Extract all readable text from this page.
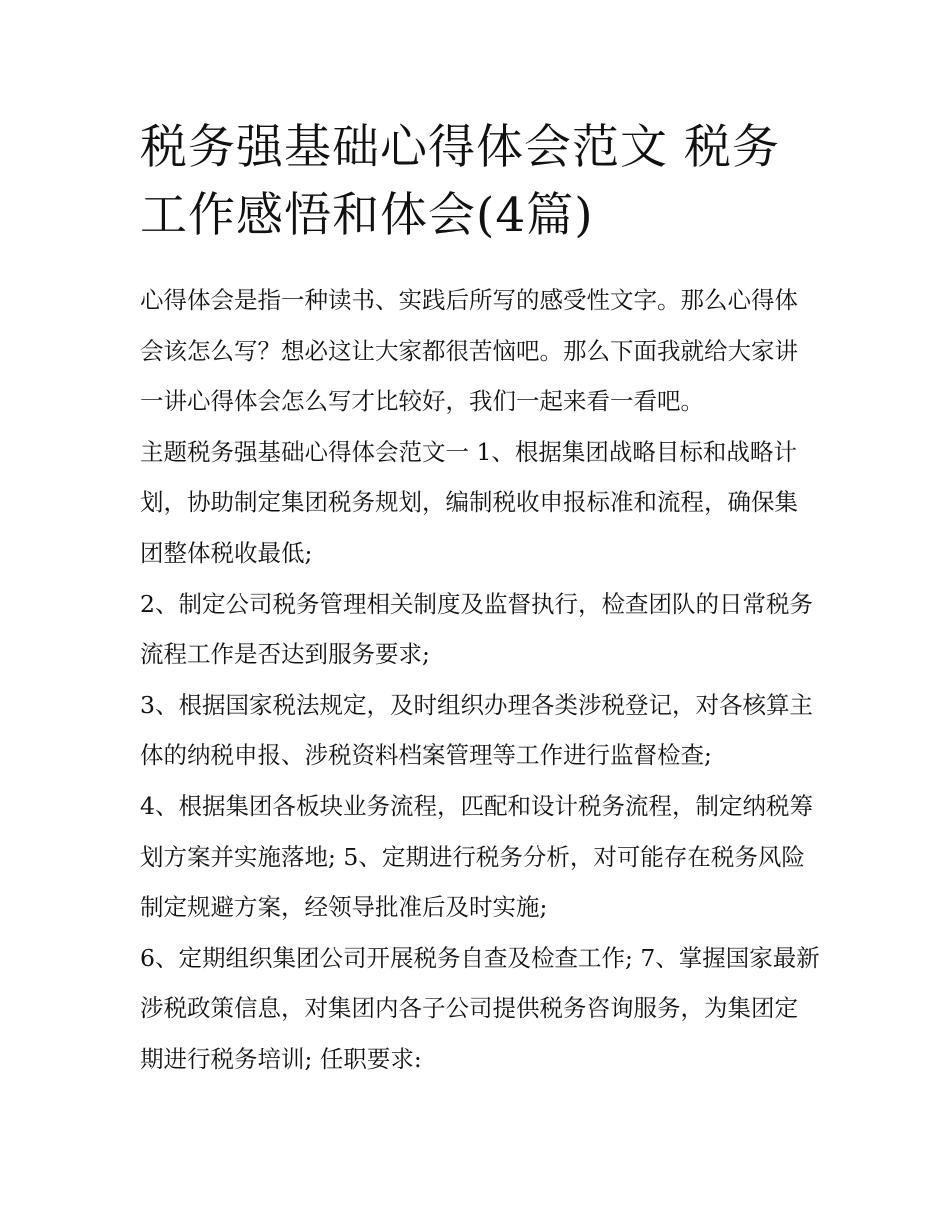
税务强基础心得体会范文 税务工作感悟和体会(4篇)

心得体会是指一种读书、实践后所写的感受性文字。那么心得体会该怎么写？想必这让大家都很苦恼吧。那么下面我就给大家讲一讲心得体会怎么写才比较好，我们一起来看一看吧。

主题税务强基础心得体会范文一 1、根据集团战略目标和战略计划，协助制定集团税务规划，编制税收申报标准和流程，确保集团整体税收最低;

2、制定公司税务管理相关制度及监督执行，检查团队的日常税务流程工作是否达到服务要求;

3、根据国家税法规定，及时组织办理各类涉税登记，对各核算主体的纳税申报、涉税资料档案管理等工作进行监督检查;

4、根据集团各板块业务流程，匹配和设计税务流程，制定纳税筹划方案并实施落地; 5、定期进行税务分析，对可能存在税务风险制定规避方案，经领导批准后及时实施;

6、定期组织集团公司开展税务自查及检查工作; 7、掌握国家最新涉税政策信息，对集团内各子公司提供税务咨询服务，为集团定期进行税务培训; 任职要求:
